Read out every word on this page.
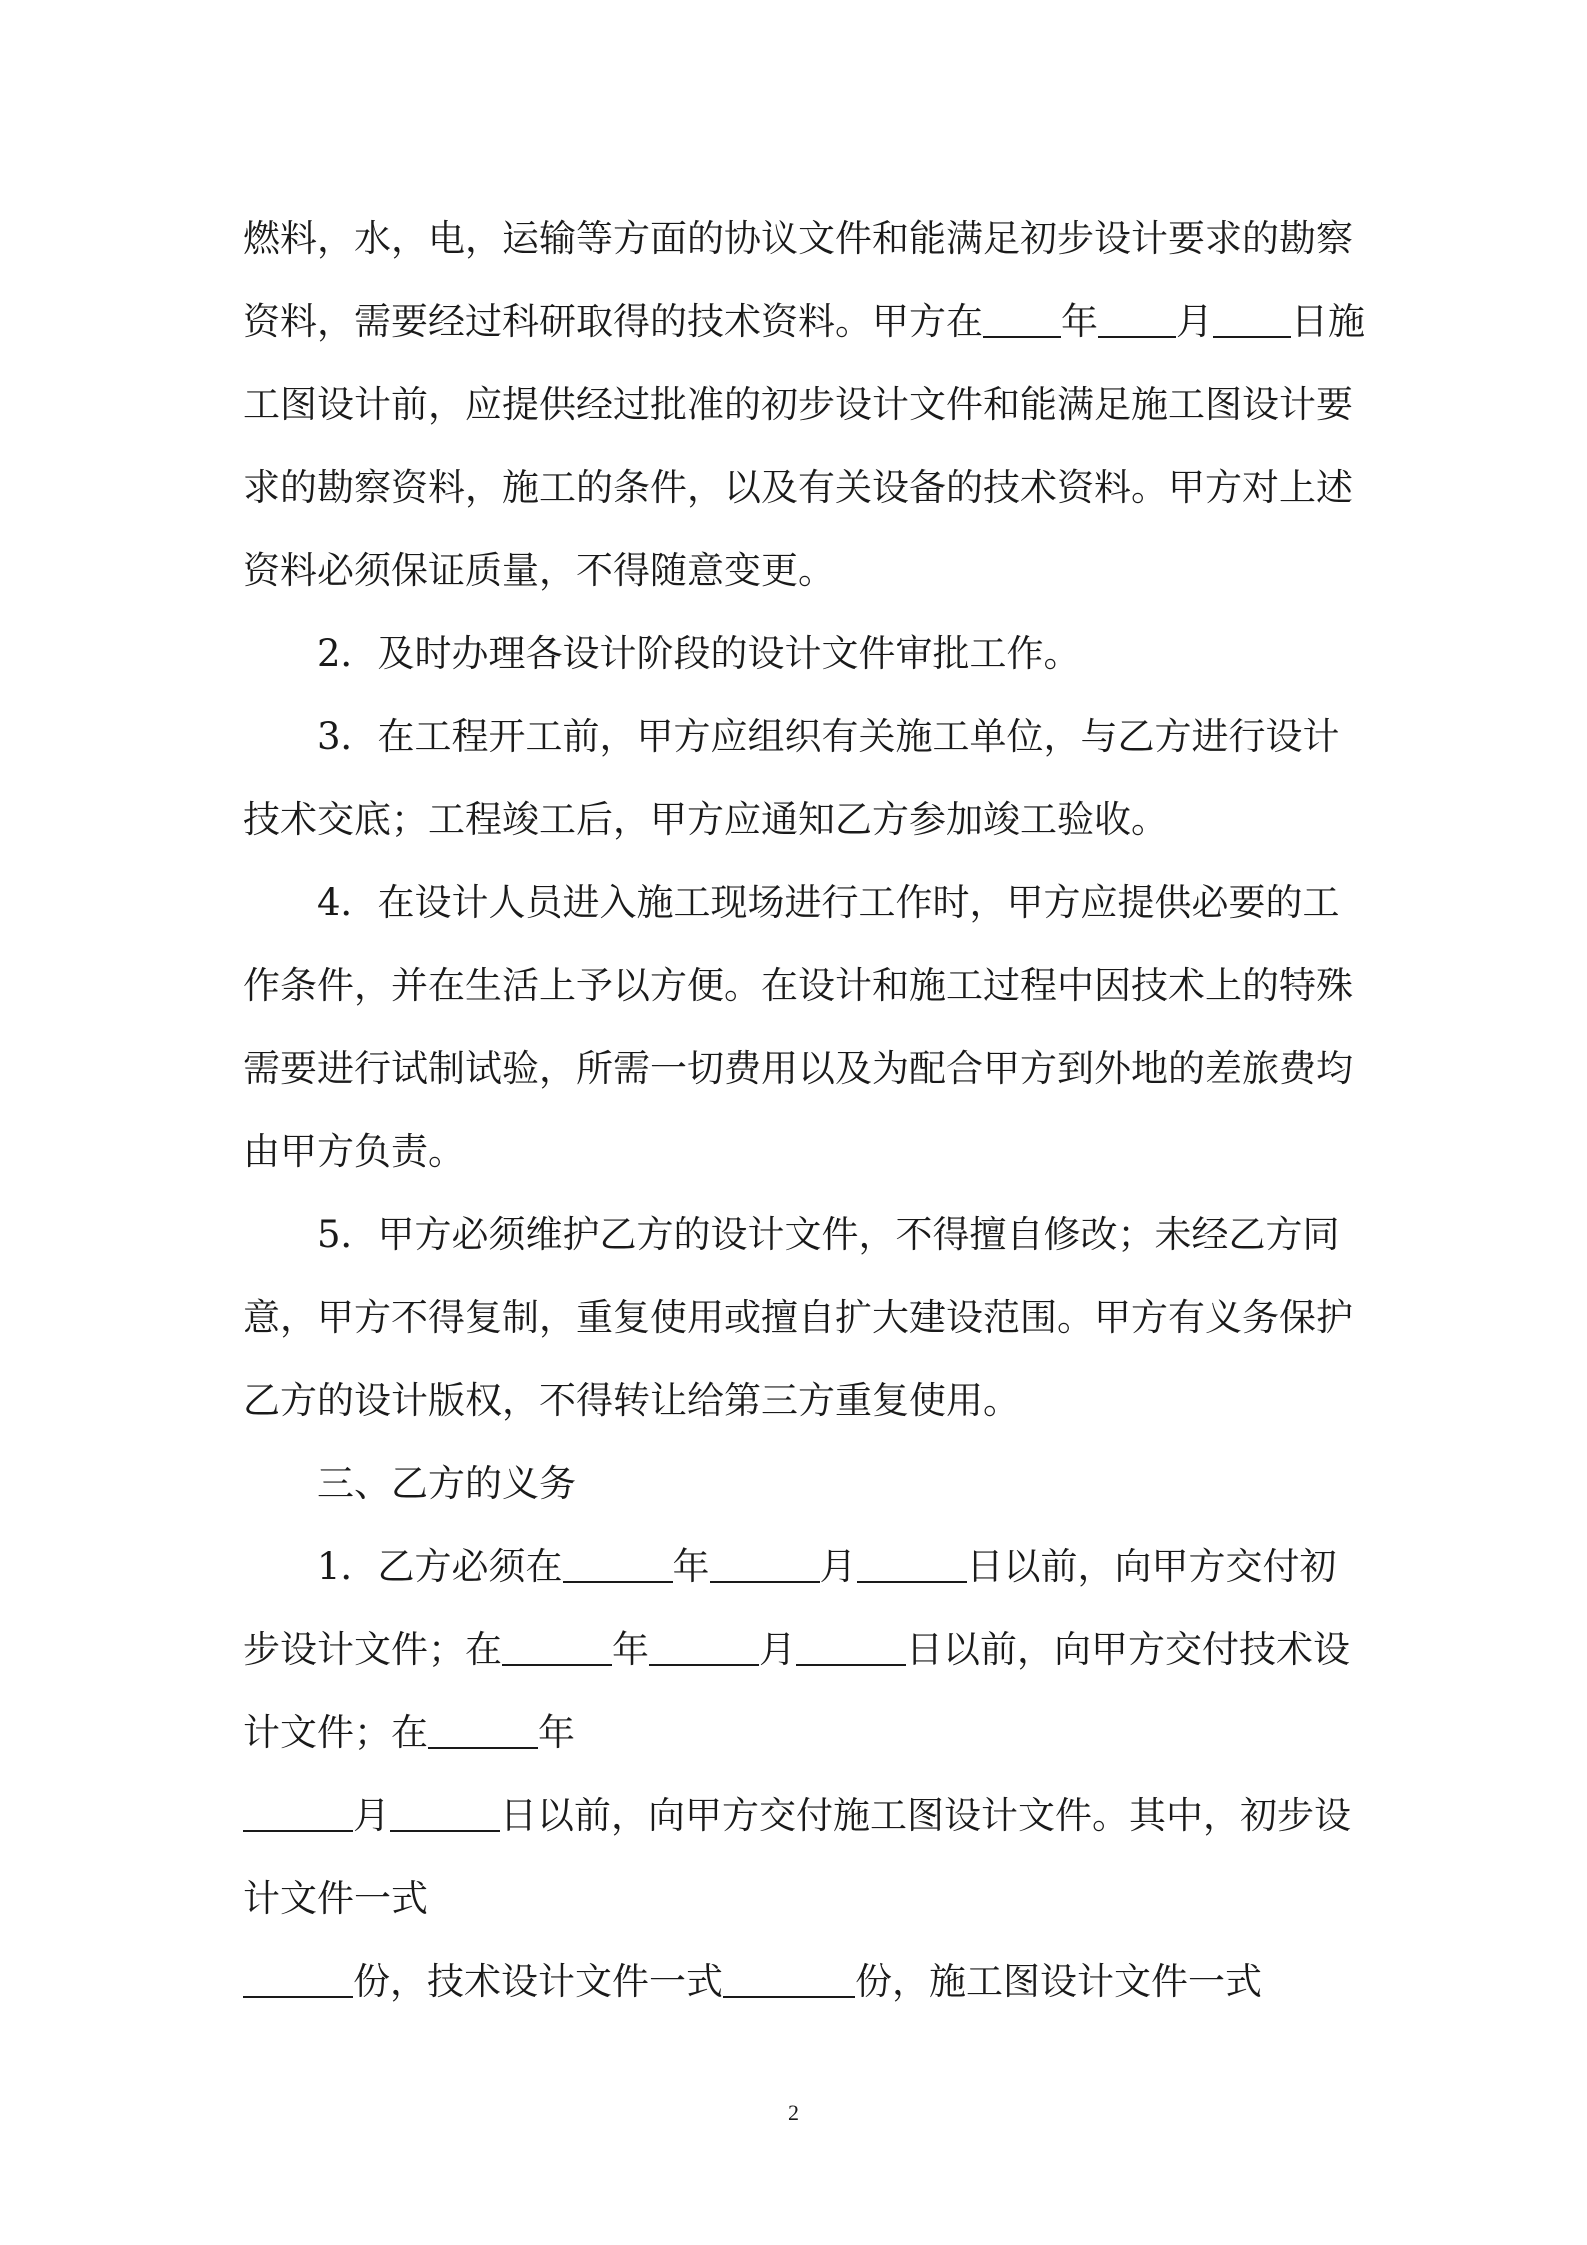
燃料，水，电，运输等方面的协议文件和能满足初步设计要求的勘察
资料，需要经过科研取得的技术资料。甲方在 年 月 日施
工图设计前，应提供经过批准的初步设计文件和能满足施工图设计要
求的勘察资料，施工的条件，以及有关设备的技术资料。甲方对上述
资料必须保证质量，不得随意变更。
2．及时办理各设计阶段的设计文件审批工作。
3．在工程开工前，甲方应组织有关施工单位，与乙方进行设计
技术交底；工程竣工后，甲方应通知乙方参加竣工验收。
4．在设计人员进入施工现场进行工作时，甲方应提供必要的工
作条件，并在生活上予以方便。在设计和施工过程中因技术上的特殊
需要进行试制试验，所需一切费用以及为配合甲方到外地的差旅费均
由甲方负责。
5．甲方必须维护乙方的设计文件，不得擅自修改；未经乙方同
意，甲方不得复制，重复使用或擅自扩大建设范围。甲方有义务保护
乙方的设计版权，不得转让给第三方重复使用。
三、乙方的义务
1．乙方必须在	年	月	日以前，向甲方交付初
步设计文件；在	年	月	日以前，向甲方交付技术设
计文件；在	年
月	日以前，向甲方交付施工图设计文件。其中，初步设
计文件一式
份，技术设计文件一式	份，施工图设计文件一式
2
